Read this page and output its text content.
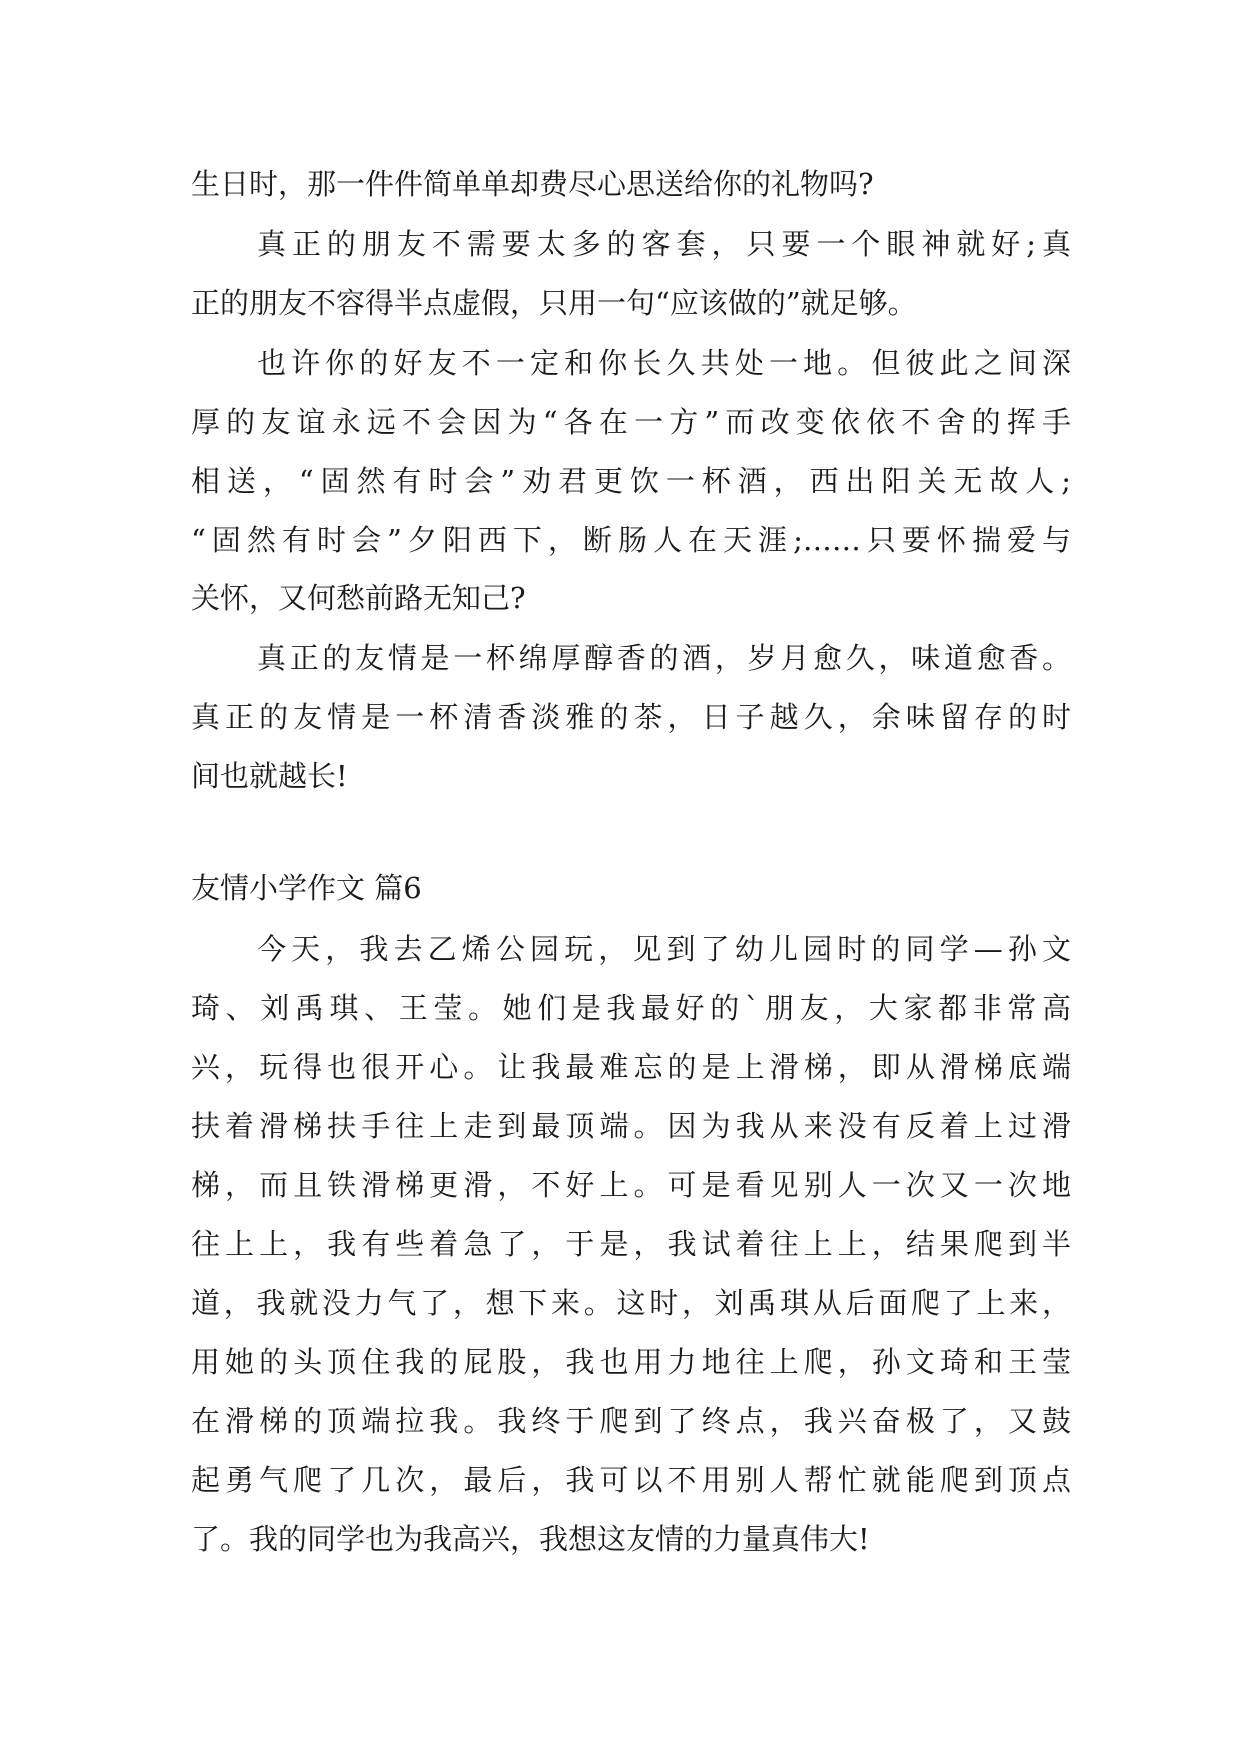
生日时，那一件件简单单却费尽心思送给你的礼物吗?
真正的朋友不需要太多的客套，只要一个眼神就好;真
正的朋友不容得半点虚假，只用一句“应该做的”就足够。
也许你的好友不一定和你长久共处一地。但彼此之间深
厚的友谊永远不会因为“各在一方”而改变依依不舍的挥手
相送，“固然有时会”劝君更饮一杯酒，西出阳关无故人;
“固然有时会”夕阳西下，断肠人在天涯;……只要怀揣爱与
关怀，又何愁前路无知己?
真正的友情是一杯绵厚醇香的酒，岁月愈久，味道愈香。
真正的友情是一杯清香淡雅的茶，日子越久，余味留存的时
间也就越长!
友情小学作文 篇6
今天，我去乙烯公园玩，见到了幼儿园时的同学—孙文
琦、刘禹琪、王莹。她们是我最好的`朋友，大家都非常高
兴，玩得也很开心。让我最难忘的是上滑梯，即从滑梯底端
扶着滑梯扶手往上走到最顶端。因为我从来没有反着上过滑
梯，而且铁滑梯更滑，不好上。可是看见别人一次又一次地
往上上，我有些着急了，于是，我试着往上上，结果爬到半
道，我就没力气了，想下来。这时，刘禹琪从后面爬了上来，
用她的头顶住我的屁股，我也用力地往上爬，孙文琦和王莹
在滑梯的顶端拉我。我终于爬到了终点，我兴奋极了，又鼓
起勇气爬了几次，最后，我可以不用别人帮忙就能爬到顶点
了。我的同学也为我高兴，我想这友情的力量真伟大!
